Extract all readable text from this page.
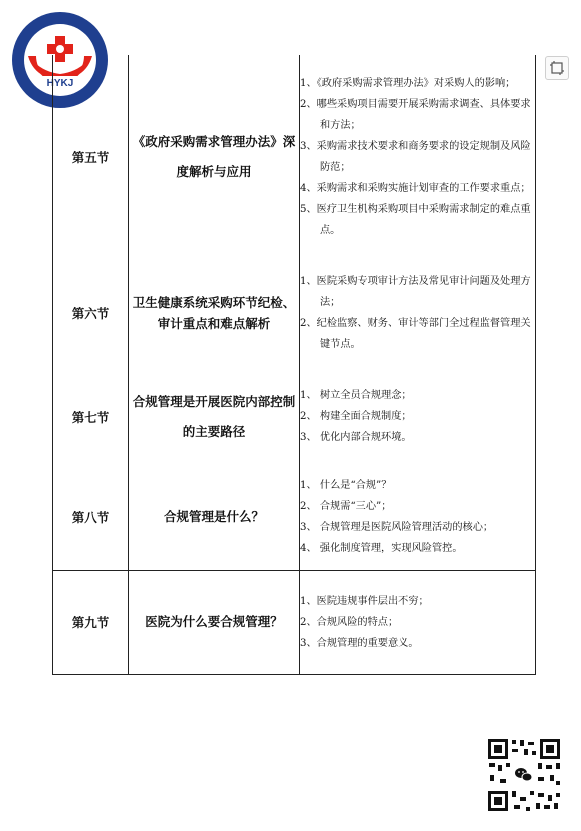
HYKJ
第五节	《政府采购需求管理办法》深度解析与应用	1、《政府采购需求管理办法》对采购人的影响；
2、哪些采购项目需要开展采购需求调查、具体要求和方法；
3、采购需求技术要求和商务要求的设定规制及风险防范；
4、采购需求和采购实施计划审查的工作要求重点；
5、医疗卫生机构采购项目中采购需求制定的难点重点。

第六节	卫生健康系统采购环节纪检、审计重点和难点解析	1、医院采购专项审计方法及常见审计问题及处理方法；
2、纪检监察、财务、审计等部门全过程监督管理关键节点。

第七节	合规管理是开展医院内部控制的主要路径	1、 树立全员合规理念；
2、 构建全面合规制度；
3、 优化内部合规环境。

第八节	合规管理是什么？	1、 什么是“合规”？
2、 合规需“三心”；
3、 合规管理是医院风险管理活动的核心；
4、 强化制度管理，实现风险管控。

第九节	医院为什么要合规管理？	1、医院违规事件层出不穷；
2、合规风险的特点；
3、合规管理的重要意义。
